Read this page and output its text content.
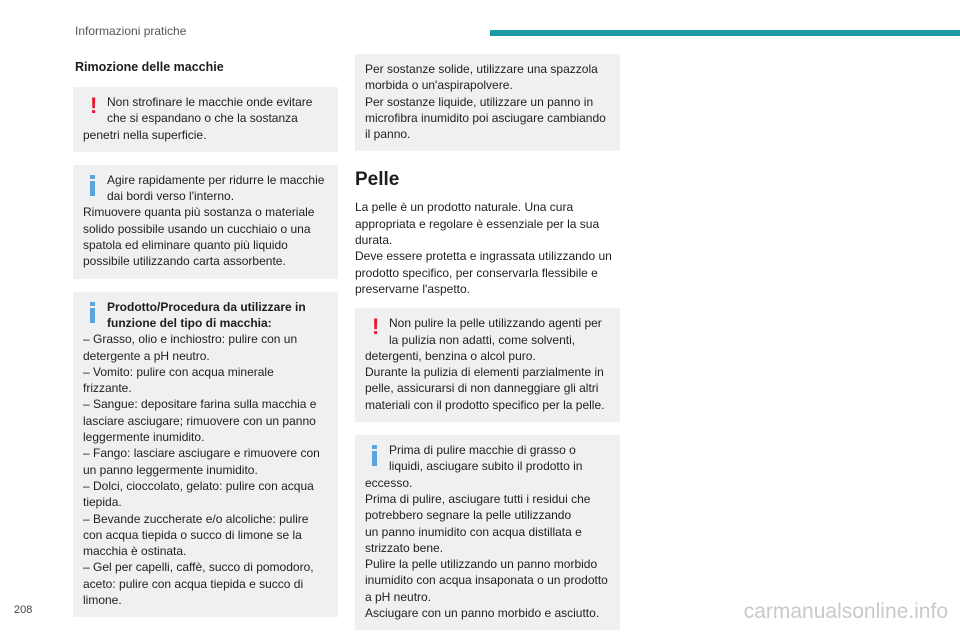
Informazioni pratiche
Rimozione delle macchie

! Non strofinare le macchie onde evitare
che si espandano o che la sostanza

penetri nella superficie.

Agire rapidamente per ridurre le macchie
dai bordi verso l'interno.

Rimuovere quanta più sostanza o materiale

solido possibile usando un cucchiaio o una

spatola ed eliminare quanto più liquido

possibile utilizzando carta assorbente.

Prodotto/Procedura da utilizzare in
funzione del tipo di macchia:

– Grasso, olio e inchiostro: pulire con un

detergente a pH neutro.

– Vomito: pulire con acqua minerale

frizzante.

– Sangue: depositare farina sulla macchia e

lasciare asciugare; rimuovere con un panno

leggermente inumidito.

– Fango: lasciare asciugare e rimuovere con

un panno leggermente inumidito.

– Dolci, cioccolato, gelato: pulire con acqua

tiepida.

– Bevande zuccherate e/o alcoliche: pulire

con acqua tiepida o succo di limone se la

macchia è ostinata.

– Gel per capelli, caffè, succo di pomodoro,

aceto: pulire con acqua tiepida e succo di

limone.

Per sostanze solide, utilizzare una spazzola

morbida o un'aspirapolvere.

Per sostanze liquide, utilizzare un panno in

microfibra inumidito poi asciugare cambiando

il panno.

Pelle

La pelle è un prodotto naturale. Una cura

appropriata e regolare è essenziale per la sua

durata.

Deve essere protetta e ingrassata utilizzando un

prodotto specifico, per conservarla flessibile e

preservarne l'aspetto.

! Non pulire la pelle utilizzando agenti per
la pulizia non adatti, come solventi,

detergenti, benzina o alcol puro.

Durante la pulizia di elementi parzialmente in

pelle, assicurarsi di non danneggiare gli altri

materiali con il prodotto specifico per la pelle.

Prima di pulire macchie di grasso o
liquidi, asciugare subito il prodotto in

eccesso.

Prima di pulire, asciugare tutti i residui che

potrebbero segnare la pelle utilizzando

un panno inumidito con acqua distillata e

strizzato bene.

Pulire la pelle utilizzando un panno morbido

inumidito con acqua insaponata o un prodotto

a pH neutro.

Asciugare con un panno morbido e asciutto.

208	carmanualsonline.info
